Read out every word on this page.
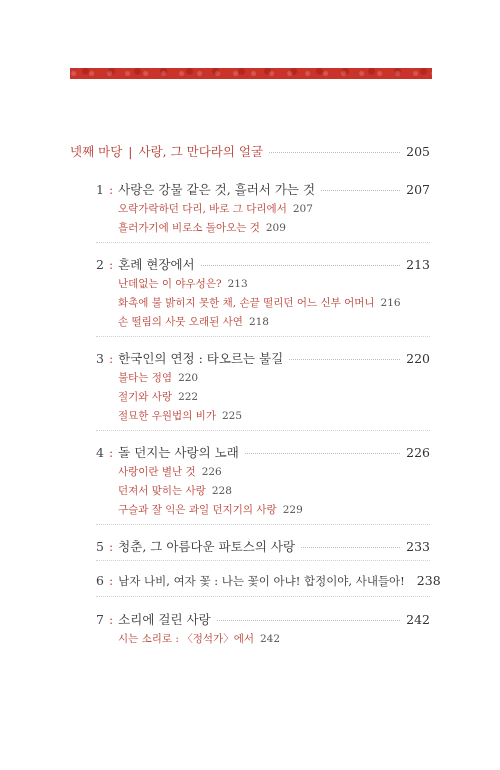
넷째 마당 | 사랑, 그 만다라의 얼굴	205
1 : 사랑은 강물 같은 것, 흘러서 가는 것	207
오락가락하던 다리, 바로 그 다리에서 207
흘러가기에 비로소 돌아오는 것 209
2 : 혼례 현장에서	213
난데없는 이 야우성은? 213
화촉에 불 밝히지 못한 채, 손끝 떨리던 어느 신부 어머니 216
손 떨림의 사뭇 오래된 사연 218
3 : 한국인의 연정 : 타오르는 불길	220
불타는 정염 220
절기와 사랑 222
절묘한 우원법의 비가 225
4 : 돌 던지는 사랑의 노래	226
사랑이란 별난 것 226
던져서 맞히는 사랑 228
구슬과 잘 익은 과일 던지기의 사랑 229
5 : 청춘, 그 아름다운 파토스의 사랑	233
6 : 남자 나비, 여자 꽃 : 나는 꽃이 아냐! 합정이야, 사내들아! 238
7 : 소리에 걸린 사랑	242
시는 소리로 : 〈정석가〉에서 242
